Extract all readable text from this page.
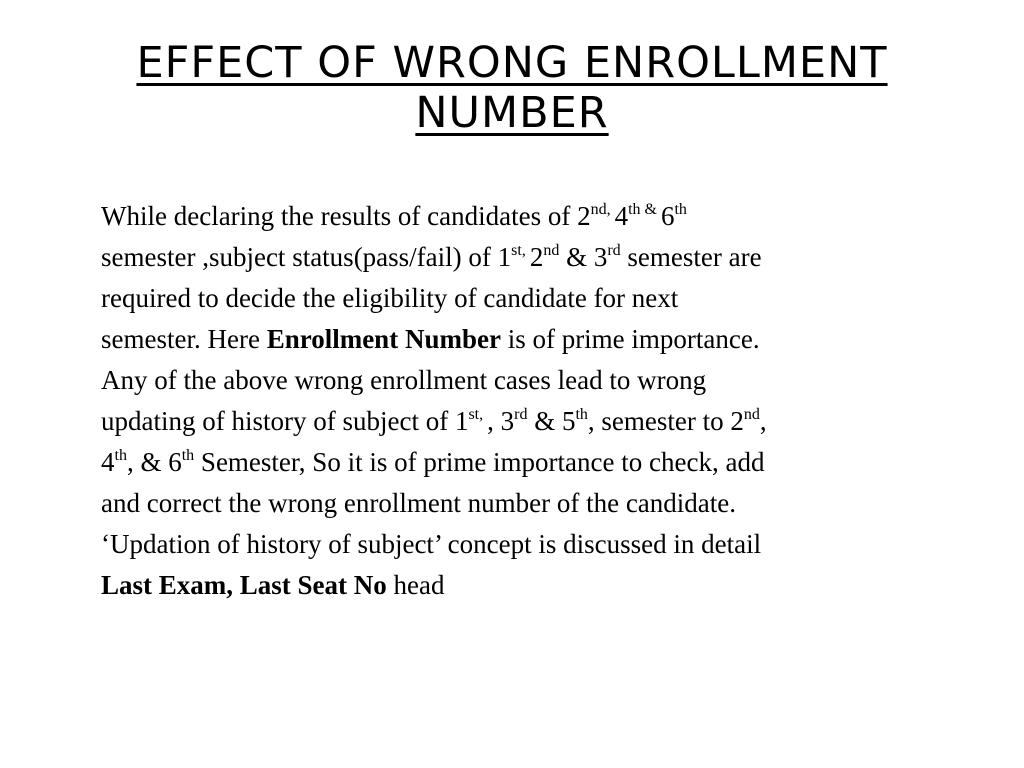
EFFECT OF WRONG ENROLLMENT
NUMBER
While declaring the results of candidates of $2^{nd,}$ $4^{th \&}$ 6th
semester ,subject status(pass/fail) of $1^{st,}$ 2nd & 3rd semester are
required to decide the eligibility of candidate for next
semester. Here Enrollment Number is of prime importance.
Any of the above wrong enrollment cases lead to wrong
updating of history of subject of $1^{st,}$ , 3rd & 5th, semester to 2nd,
4th, & 6th Semester, So it is of prime importance to check, add
and correct the wrong enrollment number of the candidate.
‘Updation of history of subject’ concept is discussed in detail
Last Exam, Last Seat No head
